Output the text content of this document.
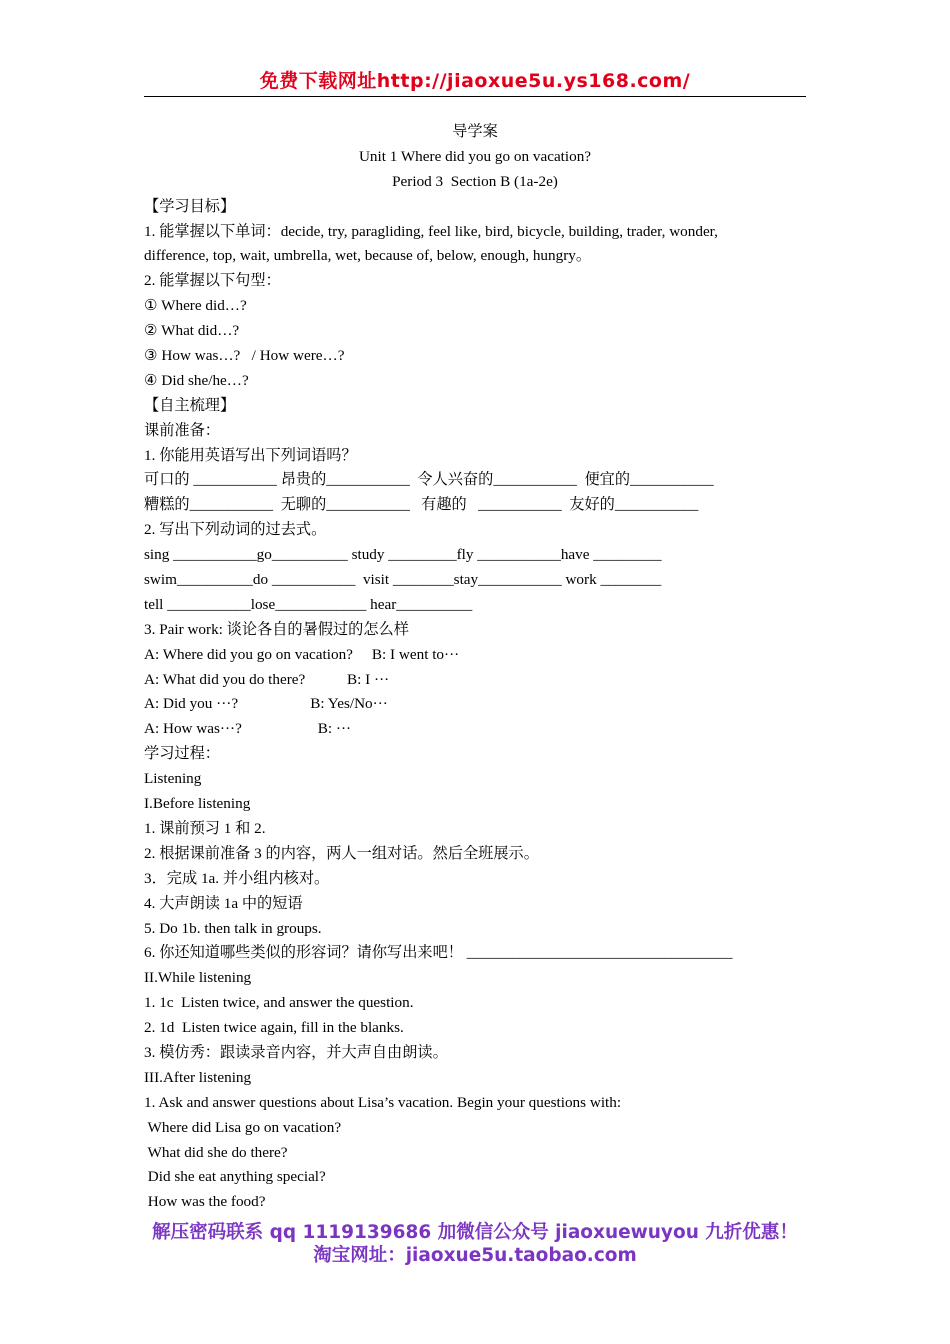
免费下载网址http://jiaoxue5u.ys168.com/
导学案
Unit 1 Where did you go on vacation?
Period 3  Section B (1a-2e)
【学习目标】
1. 能掌握以下单词：decide, try, paragliding, feel like, bird, bicycle, building, trader, wonder,
difference, top, wait, umbrella, wet, because of, below, enough, hungry。
2. 能掌握以下句型：
① Where did…?
② What did…?
③ How was…?   / How were…?
④ Did she/he…?
【自主梳理】
课前准备：
1. 你能用英语写出下列词语吗？
可口的 ___________ 昂贵的___________  令人兴奋的___________  便宜的___________
糟糕的___________  无聊的___________   有趣的   ___________  友好的___________
2. 写出下列动词的过去式。
sing ___________go__________ study _________fly ___________have _________
swim__________do ___________  visit ________stay___________ work ________
tell ___________lose____________ hear__________
3. Pair work: 谈论各自的暑假过的怎么样
A: Where did you go on vacation?     B: I went to···
A: What did you do there?           B: I ···
A: Did you ···?                   B: Yes/No···
A: How was···?                    B: ···
学习过程：
Listening
I.Before listening
1. 课前预习 1 和 2.
2. 根据课前准备 3 的内容，两人一组对话。然后全班展示。
3．完成 1a. 并小组内核对。
4. 大声朗读 1a 中的短语
5. Do 1b. then talk in groups.
6. 你还知道哪些类似的形容词？请你写出来吧！ ___________________________________
II.While listening
1. 1c  Listen twice, and answer the question.
2. 1d  Listen twice again, fill in the blanks.
3. 模仿秀：跟读录音内容，并大声自由朗读。
III.After listening
1. Ask and answer questions about Lisa’s vacation. Begin your questions with:
Where did Lisa go on vacation?
What did she do there?
Did she eat anything special?
How was the food?
解压密码联系 qq 1119139686 加微信公众号 jiaoxuewuyou 九折优惠！
淘宝网址：jiaoxue5u.taobao.com
